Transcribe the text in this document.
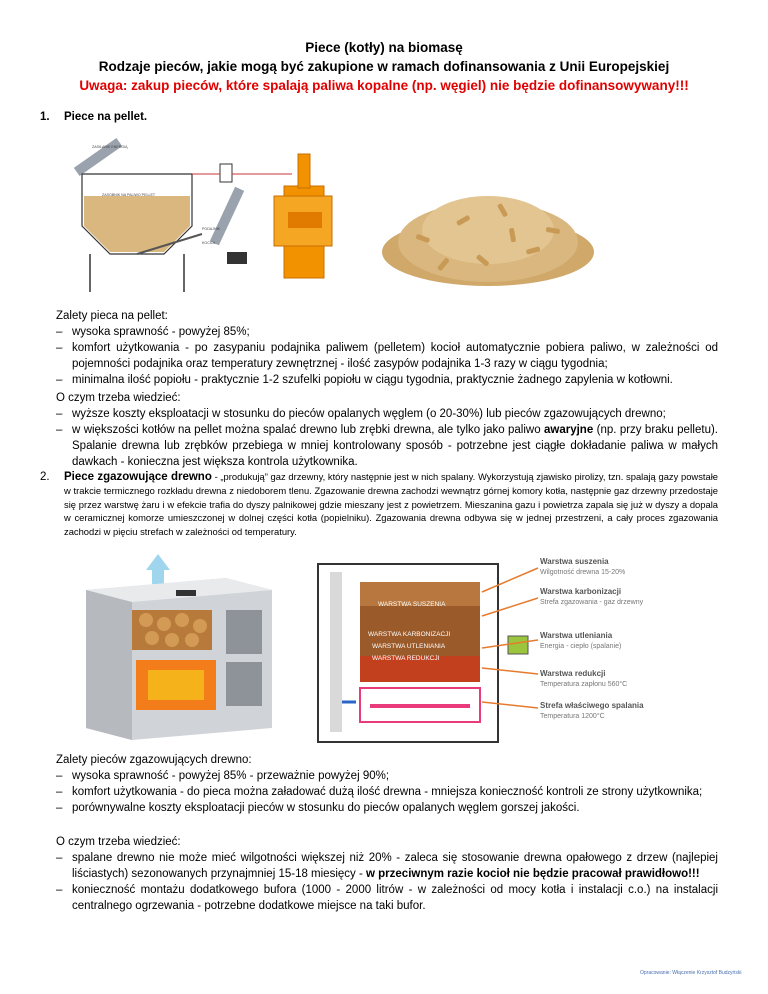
Piece (kotły) na biomasę
Rodzaje pieców, jakie mogą być zakupione w ramach dofinansowania z Unii Europejskiej
Uwaga: zakup pieców, które spalają paliwa kopalne (np. węgiel) nie będzie dofinansowywany!!!
1. Piece na pellet.
ZASILANIE ENERGIĄ
ZASOBNIK NA PALIWO PELLET
PODAJNIK
KOCIOŁ
Zalety pieca na pellet:
– wysoka sprawność - powyżej 85%;
– komfort użytkowania - po zasypaniu podajnika paliwem (pelletem) kocioł automatycznie pobiera paliwo, w zależności od pojemności podajnika oraz temperatury zewnętrznej - ilość zasypów podajnika 1-3 razy w ciągu tygodnia;
– minimalna ilość popiołu - praktycznie 1-2 szufelki popiołu w ciągu tygodnia, praktycznie żadnego zapylenia w kotłowni.
O czym trzeba wiedzieć:
– wyższe koszty eksploatacji w stosunku do pieców opalanych węglem (o 20-30%) lub pieców zgazowujących drewno;
– w większości kotłów na pellet można spalać drewno lub zrębki drewna, ale tylko jako paliwo awaryjne (np. przy braku pelletu). Spalanie drewna lub zrębków przebiega w mniej kontrolowany sposób - potrzebne jest ciągłe dokładanie paliwa w małych dawkach - konieczna jest większa kontrola użytkownika.
2.	Piece zgazowujące drewno - „produkują” gaz drzewny, który następnie jest w nich spalany. Wykorzystują zjawisko pirolizy, tzn. spalają gazy powstałe w trakcie termicznego rozkładu drewna z niedoborem tlenu. Zgazowanie drewna zachodzi wewnątrz górnej komory kotła, następnie gaz drzewny przedostaje się przez warstwę żaru i w efekcie trafia do dyszy palnikowej gdzie mieszany jest z powietrzem. Mieszanina gazu i powietrza zapala się już w dyszy a dopala w ceramicznej komorze umieszczonej w dolnej części kotła (popielniku). Zgazowania drewna odbywa się w jednej przestrzeni, a cały proces zgazowania zachodzi w pięciu strefach w zależności od temperatury.
WARSTWA SUSZENIA
WARSTWA KARBONIZACJI
WARSTWA UTLENIANIA
WARSTWA REDUKCJI
Warstwa suszenia
Wilgotność drewna 15-20%
Warstwa karbonizacji
Strefa zgazowania - gaz drzewny
Warstwa utleniania
Energia - ciepło (spalanie)
Warstwa redukcji
Temperatura zapłonu 560°C
Strefa właściwego spalania
Temperatura 1200°C
Zalety pieców zgazowujących drewno:
– wysoka sprawność - powyżej 85% - przeważnie powyżej 90%;
– komfort użytkowania - do pieca można załadować dużą ilość drewna - mniejsza konieczność kontroli ze strony użytkownika;
– porównywalne koszty eksploatacji pieców w stosunku do pieców opalanych węglem gorszej jakości.
O czym trzeba wiedzieć:
– spalane drewno nie może mieć wilgotności większej niż 20% - zaleca się stosowanie drewna opałowego z drzew (najlepiej liściastych) sezonowanych przynajmniej 15-18 miesięcy - w przeciwnym razie kocioł nie będzie pracował prawidłowo!!!
– konieczność montażu dodatkowego bufora (1000 - 2000 litrów - w zależności od mocy kotła i instalacji c.o.) na instalacji centralnego ogrzewania - potrzebne dodatkowe miejsce na taki bufor.
Opracowanie: Włączenie Krzysztof Budzyński
